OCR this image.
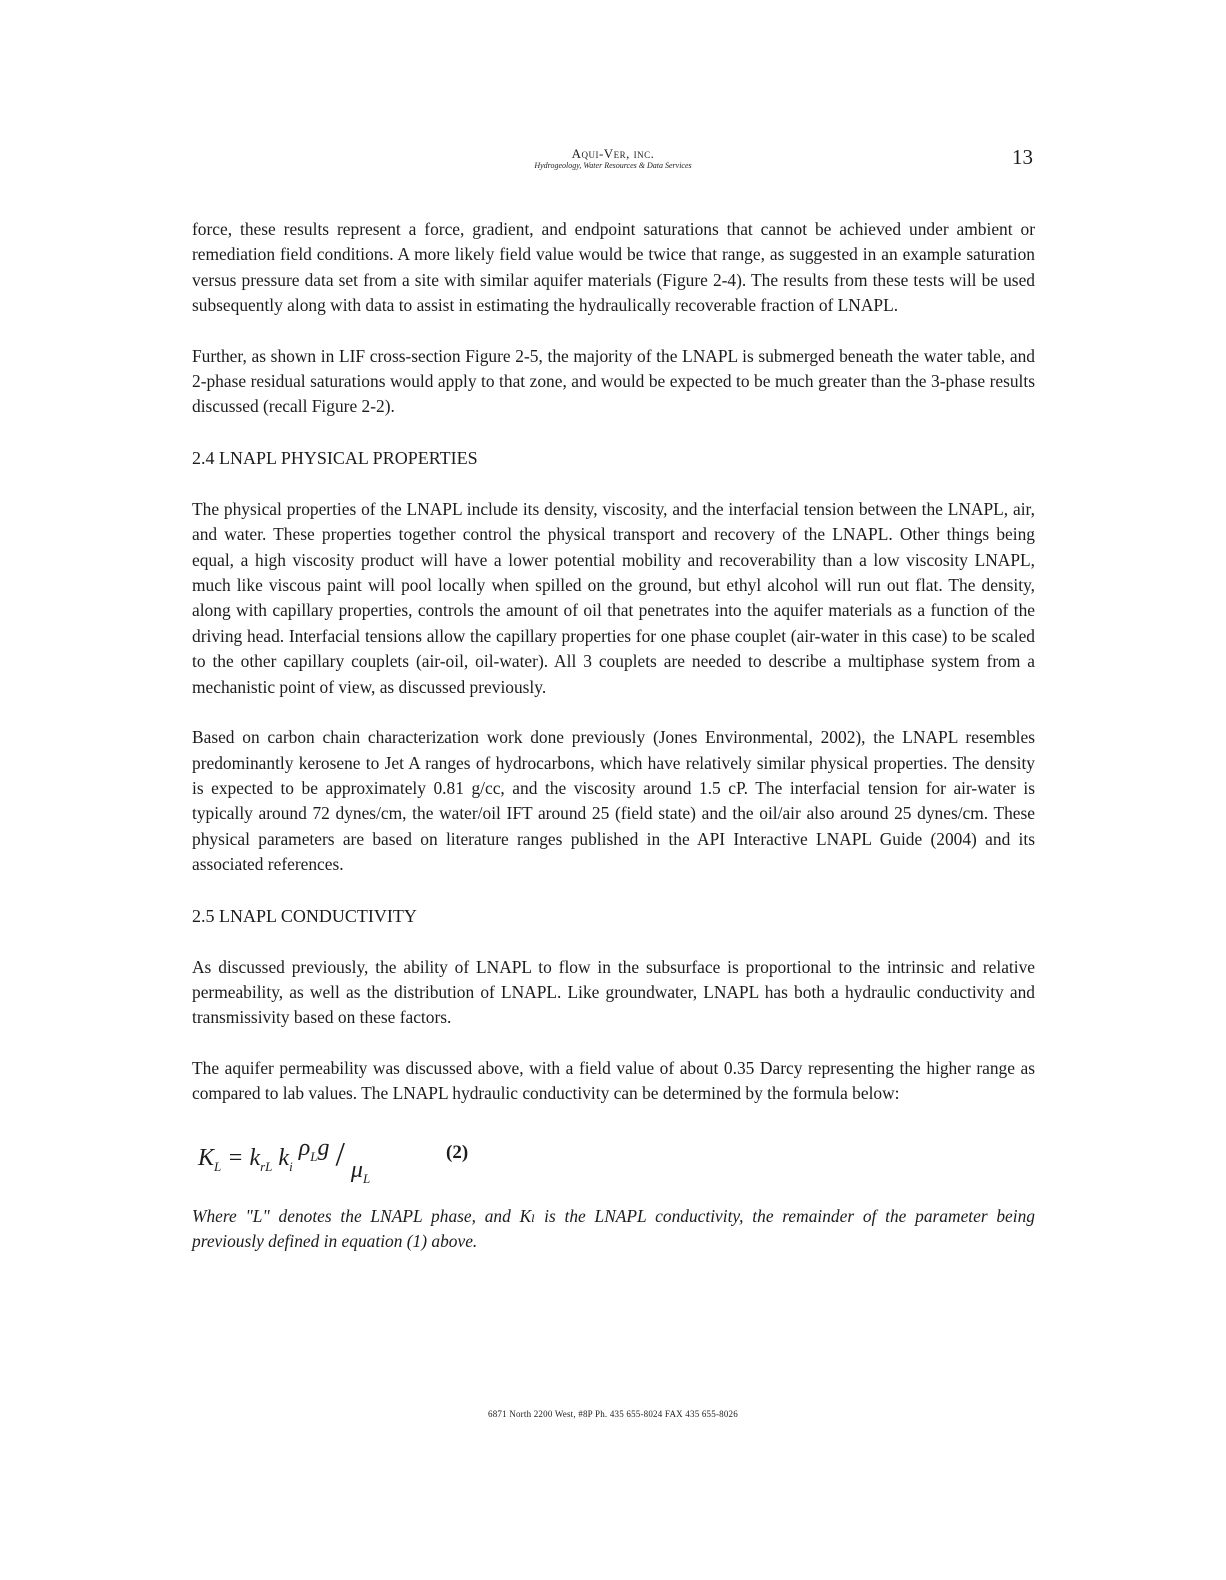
Aqui-Ver, inc.
Hydrogeology, Water Resources & Data Services	13

force, these results represent a force, gradient, and endpoint saturations that cannot be achieved under ambient or remediation field conditions. A more likely field value would be twice that range, as suggested in an example saturation versus pressure data set from a site with similar aquifer materials (Figure 2-4). The results from these tests will be used subsequently along with data to assist in estimating the hydraulically recoverable fraction of LNAPL.

Further, as shown in LIF cross-section Figure 2-5, the majority of the LNAPL is submerged beneath the water table, and 2-phase residual saturations would apply to that zone, and would be expected to be much greater than the 3-phase results discussed (recall Figure 2-2).

2.4 LNAPL PHYSICAL PROPERTIES

The physical properties of the LNAPL include its density, viscosity, and the interfacial tension between the LNAPL, air, and water. These properties together control the physical transport and recovery of the LNAPL. Other things being equal, a high viscosity product will have a lower potential mobility and recoverability than a low viscosity LNAPL, much like viscous paint will pool locally when spilled on the ground, but ethyl alcohol will run out flat. The density, along with capillary properties, controls the amount of oil that penetrates into the aquifer materials as a function of the driving head. Interfacial tensions allow the capillary properties for one phase couplet (air-water in this case) to be scaled to the other capillary couplets (air-oil, oil-water). All 3 couplets are needed to describe a multiphase system from a mechanistic point of view, as discussed previously.

Based on carbon chain characterization work done previously (Jones Environmental, 2002), the LNAPL resembles predominantly kerosene to Jet A ranges of hydrocarbons, which have relatively similar physical properties. The density is expected to be approximately 0.81 g/cc, and the viscosity around 1.5 cP. The interfacial tension for air-water is typically around 72 dynes/cm, the water/oil IFT around 25 (field state) and the oil/air also around 25 dynes/cm. These physical parameters are based on literature ranges published in the API Interactive LNAPL Guide (2004) and its associated references.

2.5 LNAPL CONDUCTIVITY

As discussed previously, the ability of LNAPL to flow in the subsurface is proportional to the intrinsic and relative permeability, as well as the distribution of LNAPL. Like groundwater, LNAPL has both a hydraulic conductivity and transmissivity based on these factors.

The aquifer permeability was discussed above, with a field value of about 0.35 Darcy representing the higher range as compared to lab values. The LNAPL hydraulic conductivity can be determined by the formula below:

$K_L = k_{rL}$ $k_i$ $\rho_Lg / \mu_L$
(2)

Where "L" denotes the LNAPL phase, and Kₗ is the LNAPL conductivity, the remainder of the parameter being previously defined in equation (1) above.

6871 North 2200 West, #8P Ph. 435 655-8024 FAX 435 655-8026
